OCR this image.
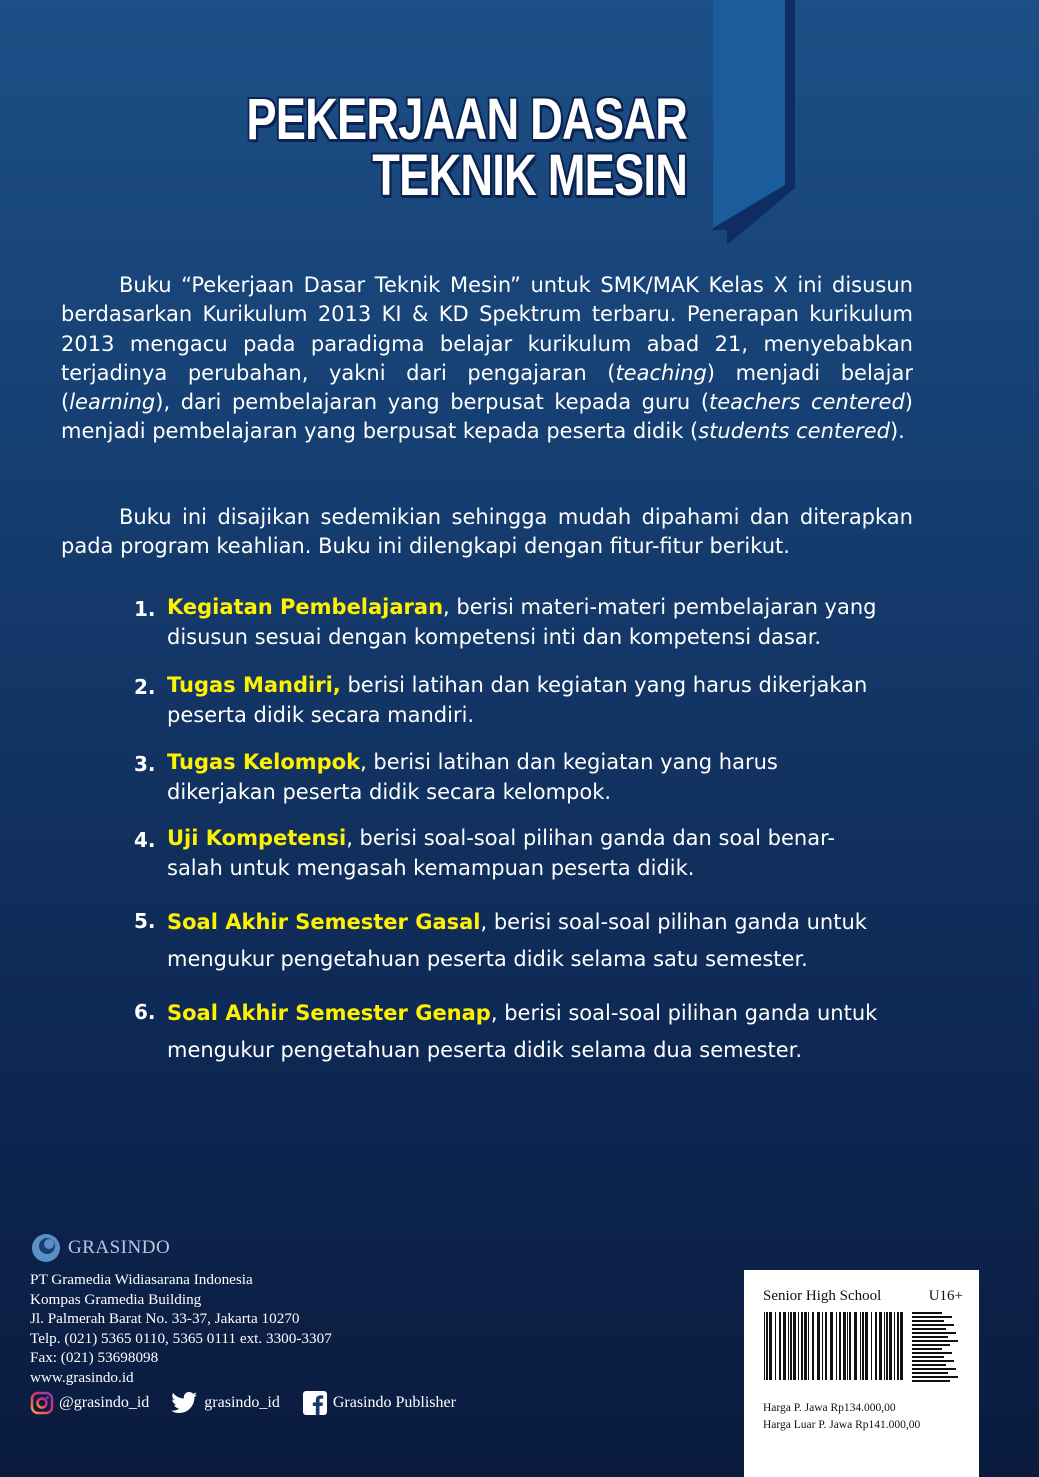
PEKERJAAN DASAR
TEKNIK MESIN

Buku “Pekerjaan Dasar Teknik Mesin” untuk SMK/MAK Kelas X ini disusun berdasarkan Kurikulum 2013 KI & KD Spektrum terbaru. Penerapan kurikulum 2013 mengacu pada paradigma belajar kurikulum abad 21, menyebabkan terjadinya perubahan, yakni dari pengajaran (teaching) menjadi belajar (learning), dari pembelajaran yang berpusat kepada guru (teachers centered) menjadi pembelajaran yang berpusat kepada peserta didik (students centered).

Buku ini disajikan sedemikian sehingga mudah dipahami dan diterapkan pada program keahlian. Buku ini dilengkapi dengan fitur-fitur berikut.

1. Kegiatan Pembelajaran, berisi materi-materi pembelajaran yang disusun sesuai dengan kompetensi inti dan kompetensi dasar.
2. Tugas Mandiri, berisi latihan dan kegiatan yang harus dikerjakan peserta didik secara mandiri.
3. Tugas Kelompok, berisi latihan dan kegiatan yang harus dikerjakan peserta didik secara kelompok.
4. Uji Kompetensi, berisi soal-soal pilihan ganda dan soal benar-salah untuk mengasah kemampuan peserta didik.
5. Soal Akhir Semester Gasal, berisi soal-soal pilihan ganda untuk mengukur pengetahuan peserta didik selama satu semester.
6. Soal Akhir Semester Genap, berisi soal-soal pilihan ganda untuk mengukur pengetahuan peserta didik selama dua semester.
GRASINDO
PT Gramedia Widiasarana Indonesia
Kompas Gramedia Building
Jl. Palmerah Barat No. 33-37, Jakarta 10270
Telp. (021) 5365 0110, 5365 0111 ext. 3300-3307
Fax: (021) 53698098
www.grasindo.id
@grasindo_id	grasindo_id	Grasindo Publisher
Senior High School	U16+
Harga P. Jawa Rp134.000,00
Harga Luar P. Jawa Rp141.000,00
